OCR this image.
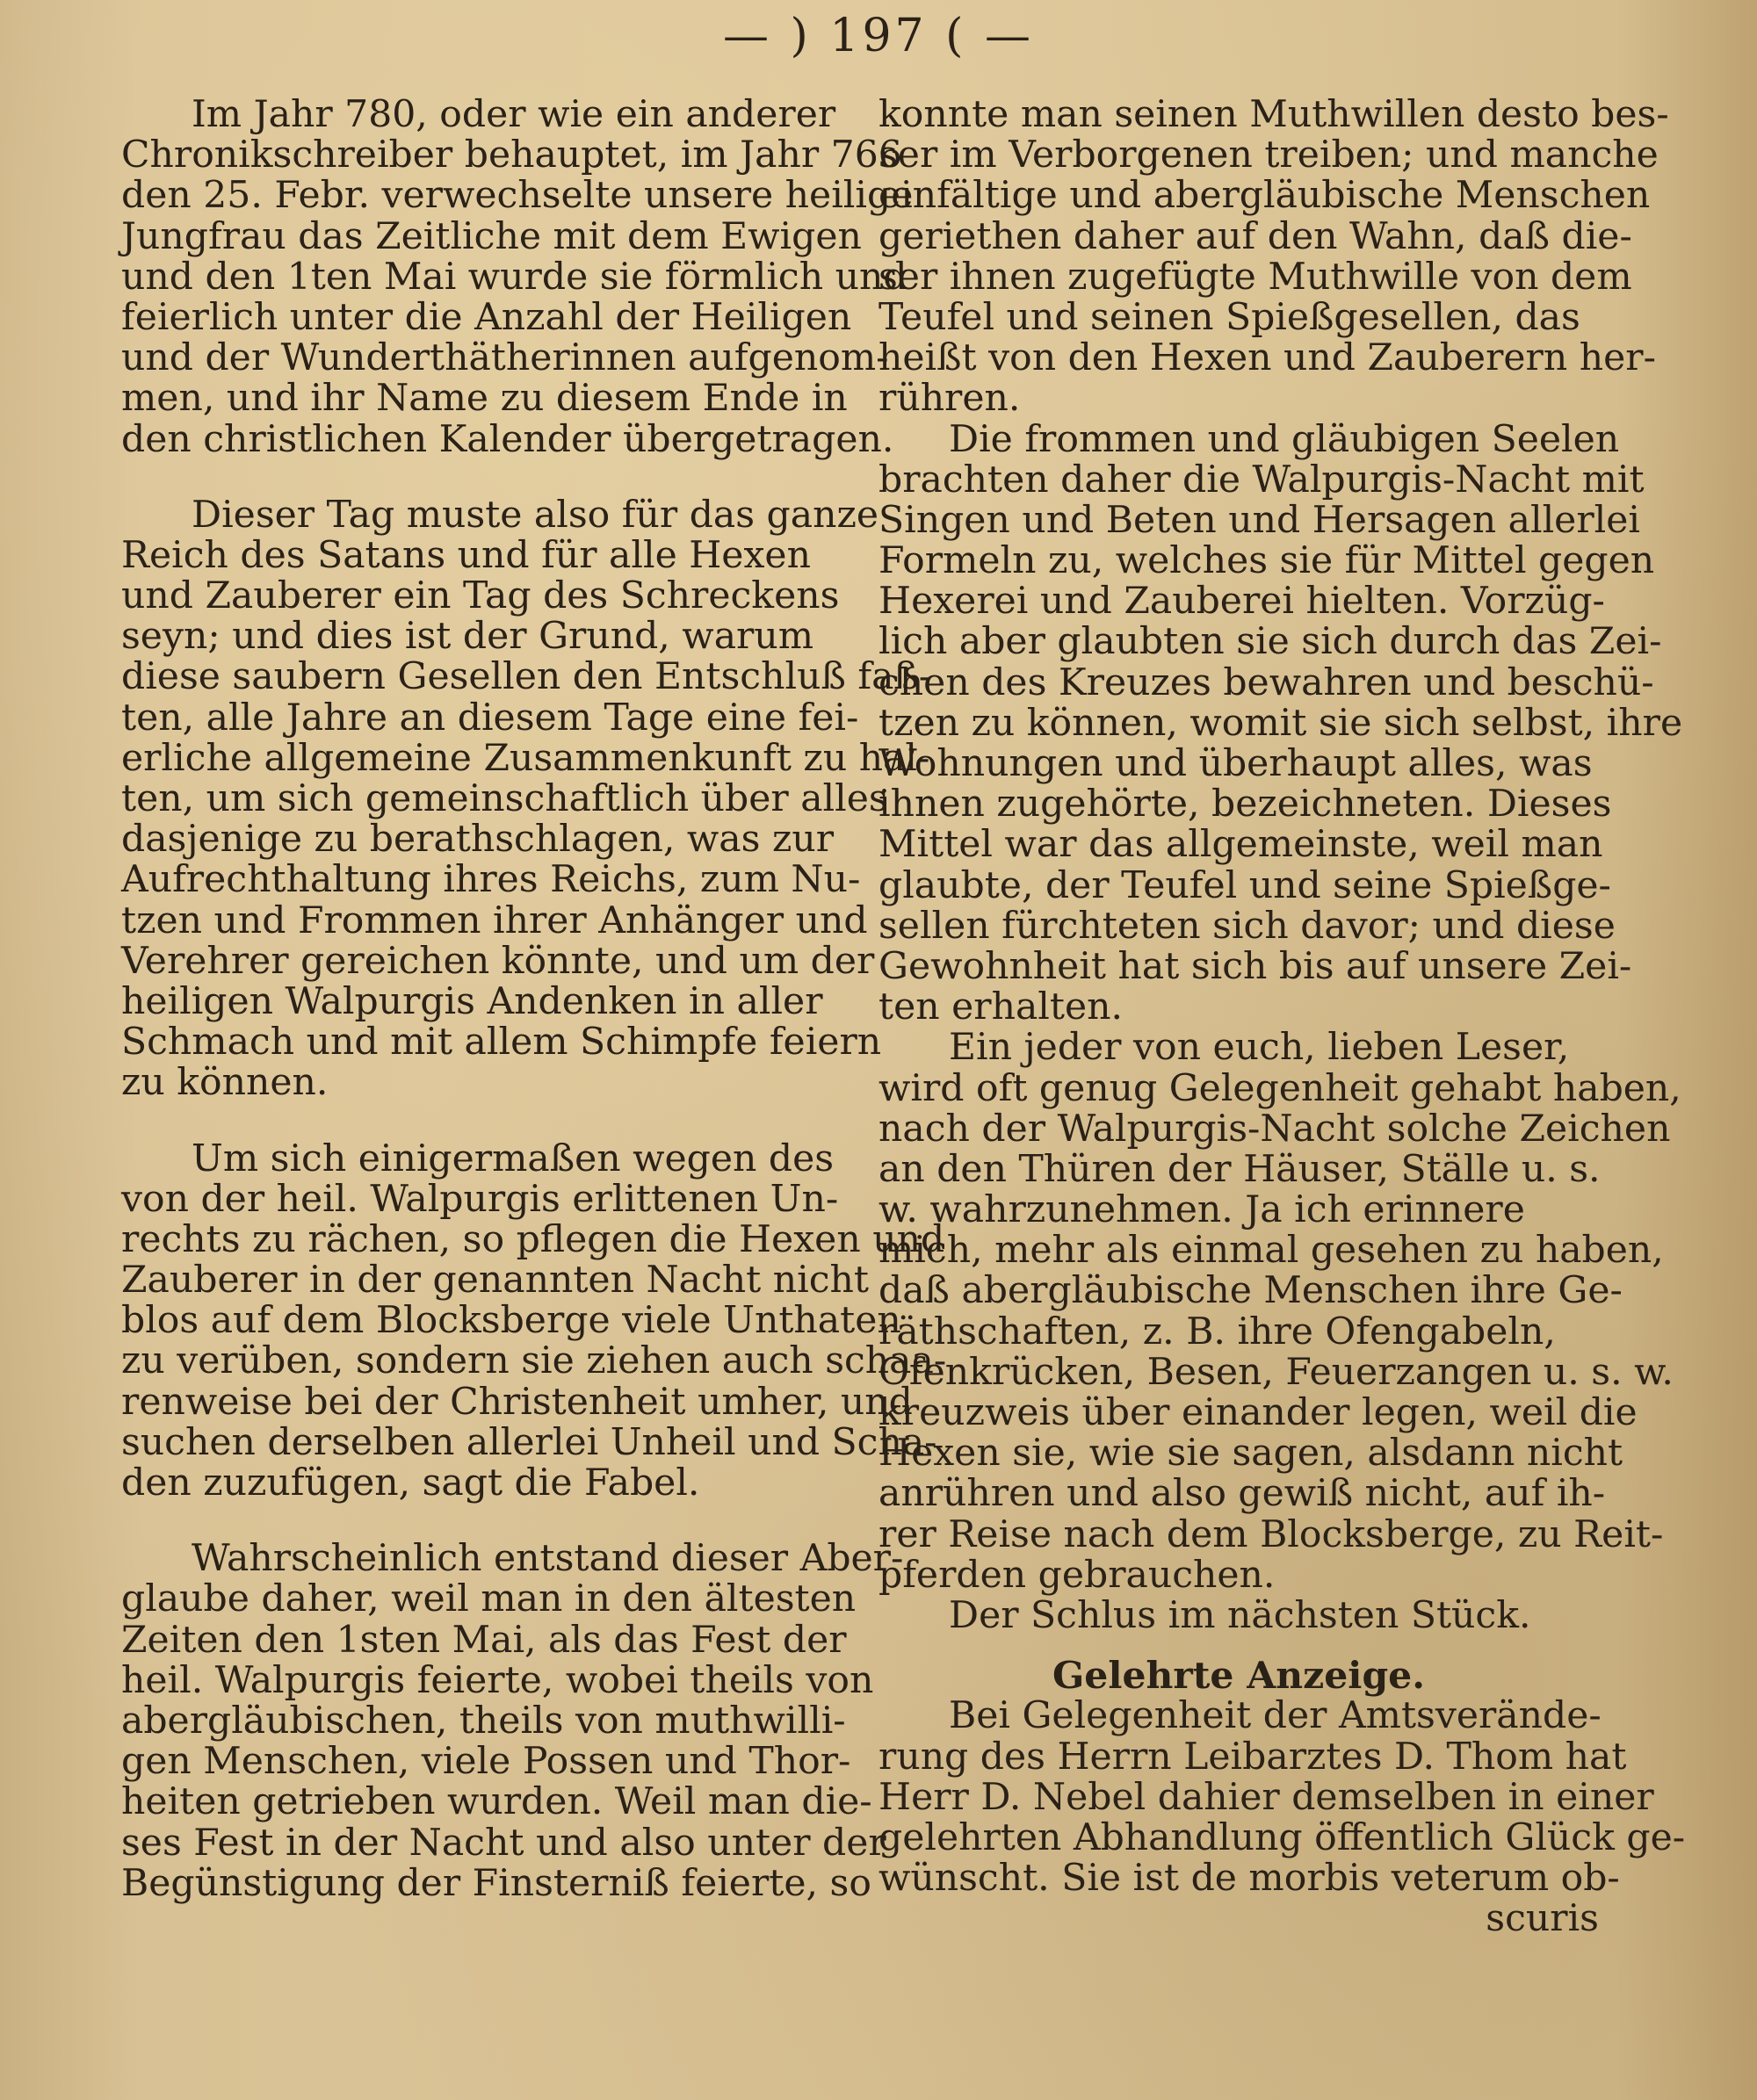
— ) 197 ( —
Im Jahr 780, oder wie ein anderer
Chronikschreiber behauptet, im Jahr 766
den 25. Febr. verwechselte unsere heilige
Jungfrau das Zeitliche mit dem Ewigen
und den 1ten Mai wurde sie förmlich und
feierlich unter die Anzahl der Heiligen
und der Wunderthätherinnen aufgenom-
men, und ihr Name zu diesem Ende in
den christlichen Kalender übergetragen.
Dieser Tag muste also für das ganze
Reich des Satans und für alle Hexen
und Zauberer ein Tag des Schreckens
seyn; und dies ist der Grund, warum
diese saubern Gesellen den Entschluß faß-
ten, alle Jahre an diesem Tage eine fei-
erliche allgemeine Zusammenkunft zu hal-
ten, um sich gemeinschaftlich über alles
dasjenige zu berathschlagen, was zur
Aufrechthaltung ihres Reichs, zum Nu-
tzen und Frommen ihrer Anhänger und
Verehrer gereichen könnte, und um der
heiligen Walpurgis Andenken in aller
Schmach und mit allem Schimpfe feiern
zu können.
Um sich einigermaßen wegen des
von der heil. Walpurgis erlittenen Un-
rechts zu rächen, so pflegen die Hexen und
Zauberer in der genannten Nacht nicht
blos auf dem Blocksberge viele Unthaten
zu verüben, sondern sie ziehen auch schaa-
renweise bei der Christenheit umher, und
suchen derselben allerlei Unheil und Scha-
den zuzufügen, sagt die Fabel.
Wahrscheinlich entstand dieser Aber-
glaube daher, weil man in den ältesten
Zeiten den 1sten Mai, als das Fest der
heil. Walpurgis feierte, wobei theils von
abergläubischen, theils von muthwilli-
gen Menschen, viele Possen und Thor-
heiten getrieben wurden. Weil man die-
ses Fest in der Nacht und also unter der
Begünstigung der Finsterniß feierte, so
konnte man seinen Muthwillen desto bes-
ser im Verborgenen treiben; und manche
einfältige und abergläubische Menschen
geriethen daher auf den Wahn, daß die-
ser ihnen zugefügte Muthwille von dem
Teufel und seinen Spießgesellen, das
heißt von den Hexen und Zauberern her-
rühren.
Die frommen und gläubigen Seelen
brachten daher die Walpurgis-Nacht mit
Singen und Beten und Hersagen allerlei
Formeln zu, welches sie für Mittel gegen
Hexerei und Zauberei hielten. Vorzüg-
lich aber glaubten sie sich durch das Zei-
chen des Kreuzes bewahren und beschü-
tzen zu können, womit sie sich selbst, ihre
Wohnungen und überhaupt alles, was
ihnen zugehörte, bezeichneten. Dieses
Mittel war das allgemeinste, weil man
glaubte, der Teufel und seine Spießge-
sellen fürchteten sich davor; und diese
Gewohnheit hat sich bis auf unsere Zei-
ten erhalten.
Ein jeder von euch, lieben Leser,
wird oft genug Gelegenheit gehabt haben,
nach der Walpurgis-Nacht solche Zeichen
an den Thüren der Häuser, Ställe u. s.
w. wahrzunehmen. Ja ich erinnere
mich, mehr als einmal gesehen zu haben,
daß abergläubische Menschen ihre Ge-
räthschaften, z. B. ihre Ofengabeln,
Ofenkrücken, Besen, Feuerzangen u. s. w.
kreuzweis über einander legen, weil die
Hexen sie, wie sie sagen, alsdann nicht
anrühren und also gewiß nicht, auf ih-
rer Reise nach dem Blocksberge, zu Reit-
pferden gebrauchen.
Der Schlus im nächsten Stück.
Gelehrte Anzeige.
Bei Gelegenheit der Amtsverände-
rung des Herrn Leibarztes D. Thom hat
Herr D. Nebel dahier demselben in einer
gelehrten Abhandlung öffentlich Glück ge-
wünscht. Sie ist de morbis veterum ob-
scuris
